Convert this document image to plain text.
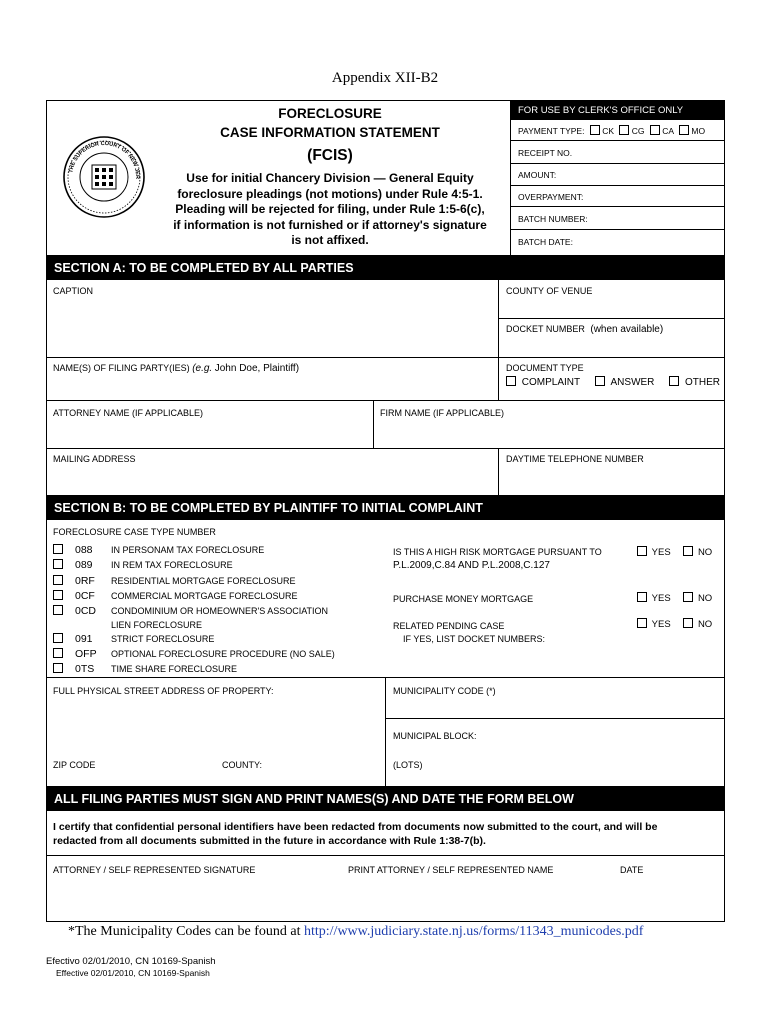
Appendix XII-B2
THE SUPERIOR COURT OF NEW JER
FORECLOSURE
CASE INFORMATION STATEMENT
(FCIS)
Use for initial Chancery Division — General Equity
foreclosure pleadings (not motions) under Rule 4:5-1.
Pleading will be rejected for filing, under Rule 1:5-6(c),
if information is not furnished or if attorney's signature
is not affixed.
FOR USE BY CLERK'S OFFICE ONLY
PAYMENT TYPE: CK CG CA MO
RECEIPT NO.
AMOUNT:
OVERPAYMENT:
BATCH NUMBER:
BATCH DATE:
SECTION A: TO BE COMPLETED BY ALL PARTIES
CAPTION	COUNTY OF VENUE
DOCKET NUMBER (when available)
NAME(S) OF FILING PARTY(IES) (e.g. John Doe, Plaintiff)	DOCUMENT TYPE
COMPLAINT	ANSWER	OTHER
ATTORNEY NAME (IF APPLICABLE)	FIRM NAME (IF APPLICABLE)
MAILING ADDRESS	DAYTIME TELEPHONE NUMBER
SECTION B: TO BE COMPLETED BY PLAINTIFF TO INITIAL COMPLAINT
FORECLOSURE CASE TYPE NUMBER
088 IN PERSONAM TAX FORECLOSURE
089 IN REM TAX FORECLOSURE
0RF RESIDENTIAL MORTGAGE FORECLOSURE
0CF COMMERCIAL MORTGAGE FORECLOSURE
0CD CONDOMINIUM OR HOMEOWNER'S ASSOCIATION
LIEN FORECLOSURE
091 STRICT FORECLOSURE
OFP OPTIONAL FORECLOSURE PROCEDURE (NO SALE)
0TS TIME SHARE FORECLOSURE
IS THIS A HIGH RISK MORTGAGE PURSUANT TO
P.L.2009,C.84 AND P.L.2008,C.127
YES	NO
PURCHASE MONEY MORTGAGE	YES	NO
RELATED PENDING CASE
IF YES, LIST DOCKET NUMBERS:
YES	NO
FULL PHYSICAL STREET ADDRESS OF PROPERTY:	MUNICIPALITY CODE (*)
MUNICIPAL BLOCK:
ZIP CODE	COUNTY:	(LOTS)
ALL FILING PARTIES MUST SIGN AND PRINT NAMES(S) AND DATE THE FORM BELOW
I certify that confidential personal identifiers have been redacted from documents now submitted to the court, and will be
redacted from all documents submitted in the future in accordance with Rule 1:38-7(b).
ATTORNEY / SELF REPRESENTED SIGNATURE	PRINT ATTORNEY / SELF REPRESENTED NAME	DATE
*The Municipality Codes can be found at http://www.judiciary.state.nj.us/forms/11343_municodes.pdf
Efectivo 02/01/2010, CN 10169-Spanish
Effective 02/01/2010, CN 10169-Spanish
